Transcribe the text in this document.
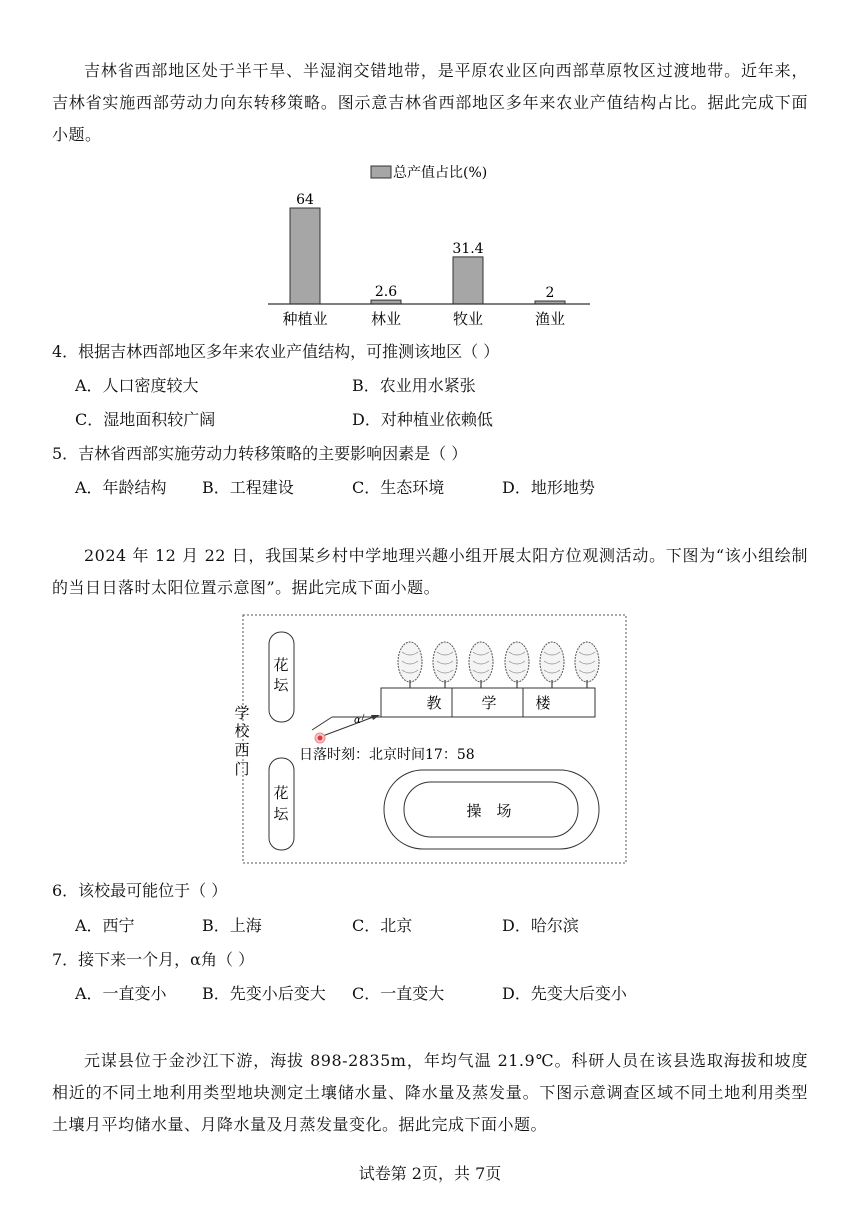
吉林省西部地区处于半干旱、半湿润交错地带，是平原农业区向西部草原牧区过渡地带。近年来，吉林省实施西部劳动力向东转移策略。图示意吉林省西部地区多年来农业产值结构占比。据此完成下面小题。

总产值占比(%)
64
种植业
2.6
林业
31.4
牧业
2
渔业
4．根据吉林西部地区多年来农业产值结构，可推测该地区（ ）
A．人口密度较大	B．农业用水紧张
C．湿地面积较广阔	D．对种植业依赖低
5．吉林省西部实施劳动力转移策略的主要影响因素是（ ）
A．年龄结构 B．工程建设	C．生态环境	D．地形地势

2024 年 12 月 22 日，我国某乡村中学地理兴趣小组开展太阳方位观测活动。下图为“该小组绘制的当日日落时太阳位置示意图”。据此完成下面小题。

学
校
西
门
花
坛
花
坛
教	学	楼
α
日落时刻：北京时间17：58
操　场
6．该校最可能位于（ ）
A．西宁	B．上海	C．北京	D．哈尔滨
7．接下来一个月，α角（ ）
A．一直变小 B．先变小后变大 C．一直变大	D．先变大后变小

元谋县位于金沙江下游，海拔 898-2835m，年均气温 21.9℃。科研人员在该县选取海拔和坡度相近的不同土地利用类型地块测定土壤储水量、降水量及蒸发量。下图示意调查区域不同土地利用类型土壤月平均储水量、月降水量及月蒸发量变化。据此完成下面小题。

试卷第 2页，共 7页
